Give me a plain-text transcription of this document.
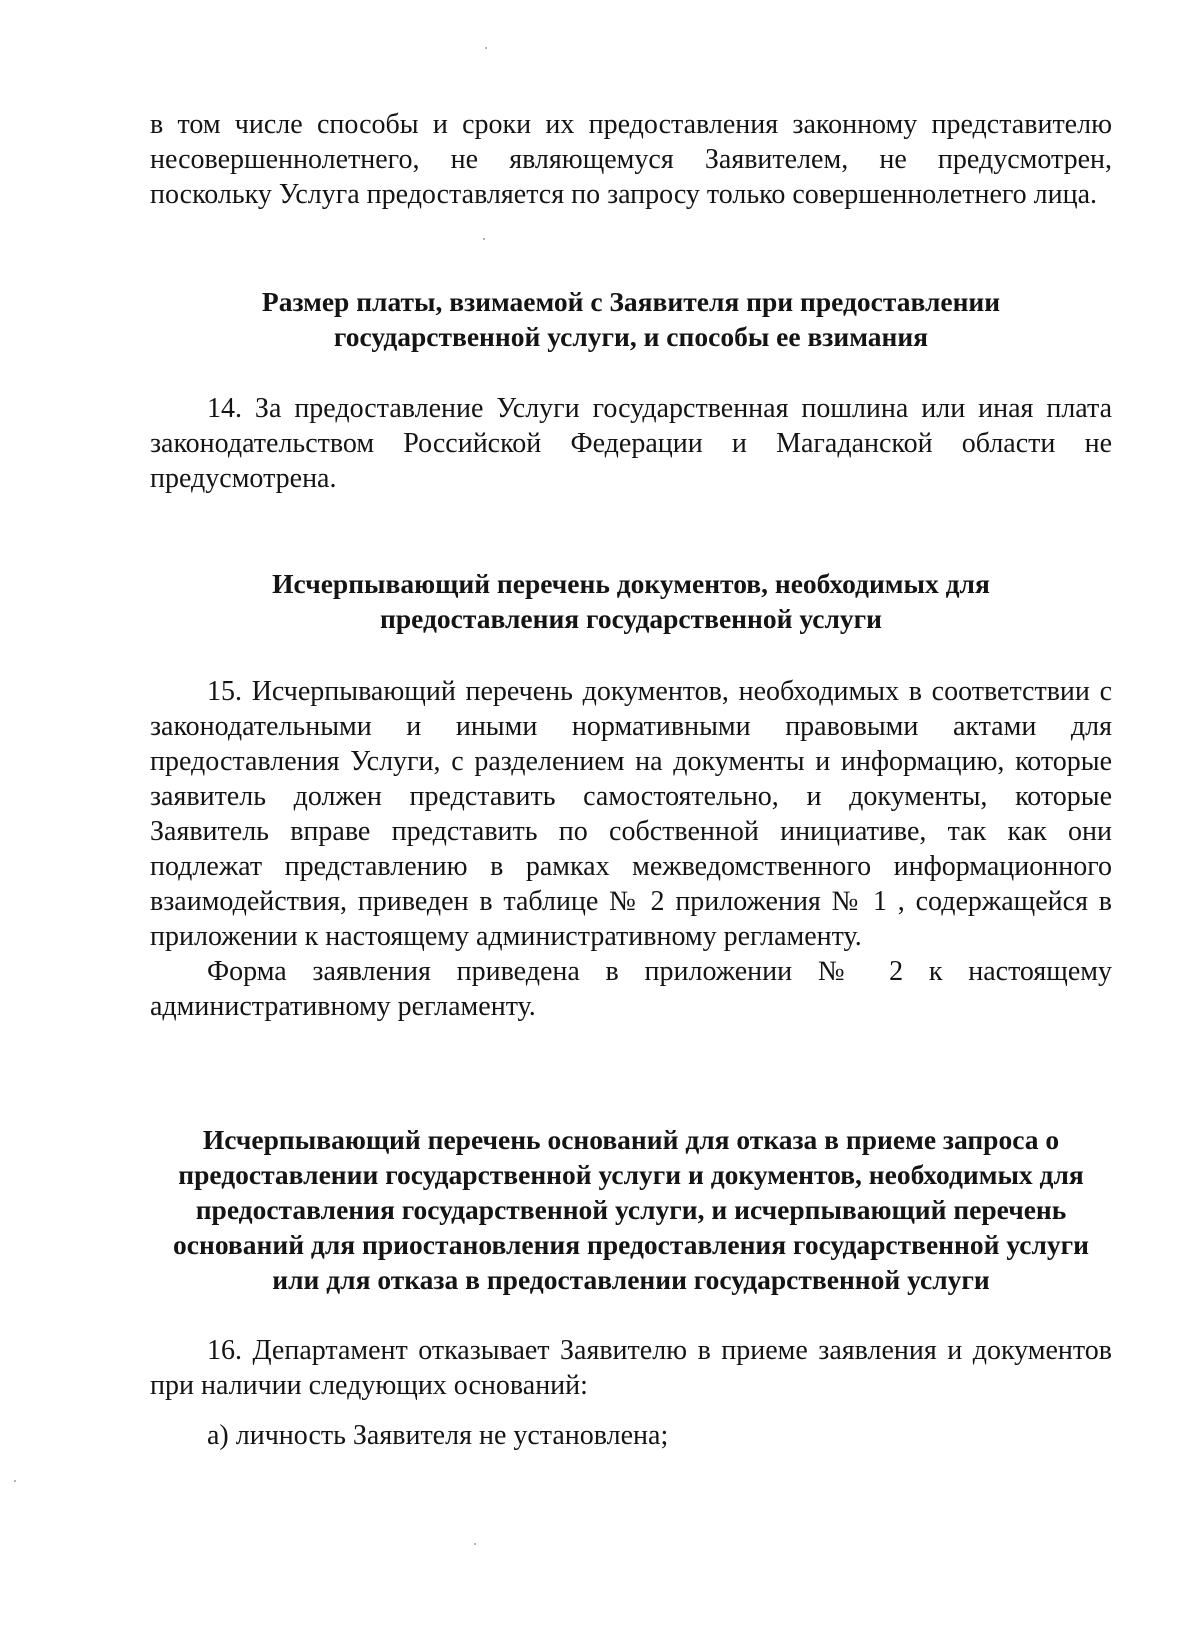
в том числе способы и сроки их предоставления законному представителю несовершеннолетнего, не являющемуся Заявителем, не предусмотрен, поскольку Услуга предоставляется по запросу только совершеннолетнего лица.

Размер платы, взимаемой с Заявителя при предоставлении
государственной услуги, и способы ее взимания

14. За предоставление Услуги государственная пошлина или иная плата законодательством Российской Федерации и Магаданской области не предусмотрена.

Исчерпывающий перечень документов, необходимых для
предоставления государственной услуги

15. Исчерпывающий перечень документов, необходимых в соответствии с законодательными и иными нормативными правовыми актами для предоставления Услуги, с разделением на документы и информацию, которые заявитель должен представить самостоятельно, и документы, которые Заявитель вправе представить по собственной инициативе, так как они подлежат представлению в рамках межведомственного информационного взаимодействия, приведен в таблице № 2 приложения № 1 , содержащейся в приложении к настоящему административному регламенту.

Форма заявления приведена в приложении № 2 к настоящему административному регламенту.

Исчерпывающий перечень оснований для отказа в приеме запроса о
предоставлении государственной услуги и документов, необходимых для
предоставления государственной услуги, и исчерпывающий перечень
оснований для приостановления предоставления государственной услуги
или для отказа в предоставлении государственной услуги

16. Департамент отказывает Заявителю в приеме заявления и документов при наличии следующих оснований:

а) личность Заявителя не установлена;
